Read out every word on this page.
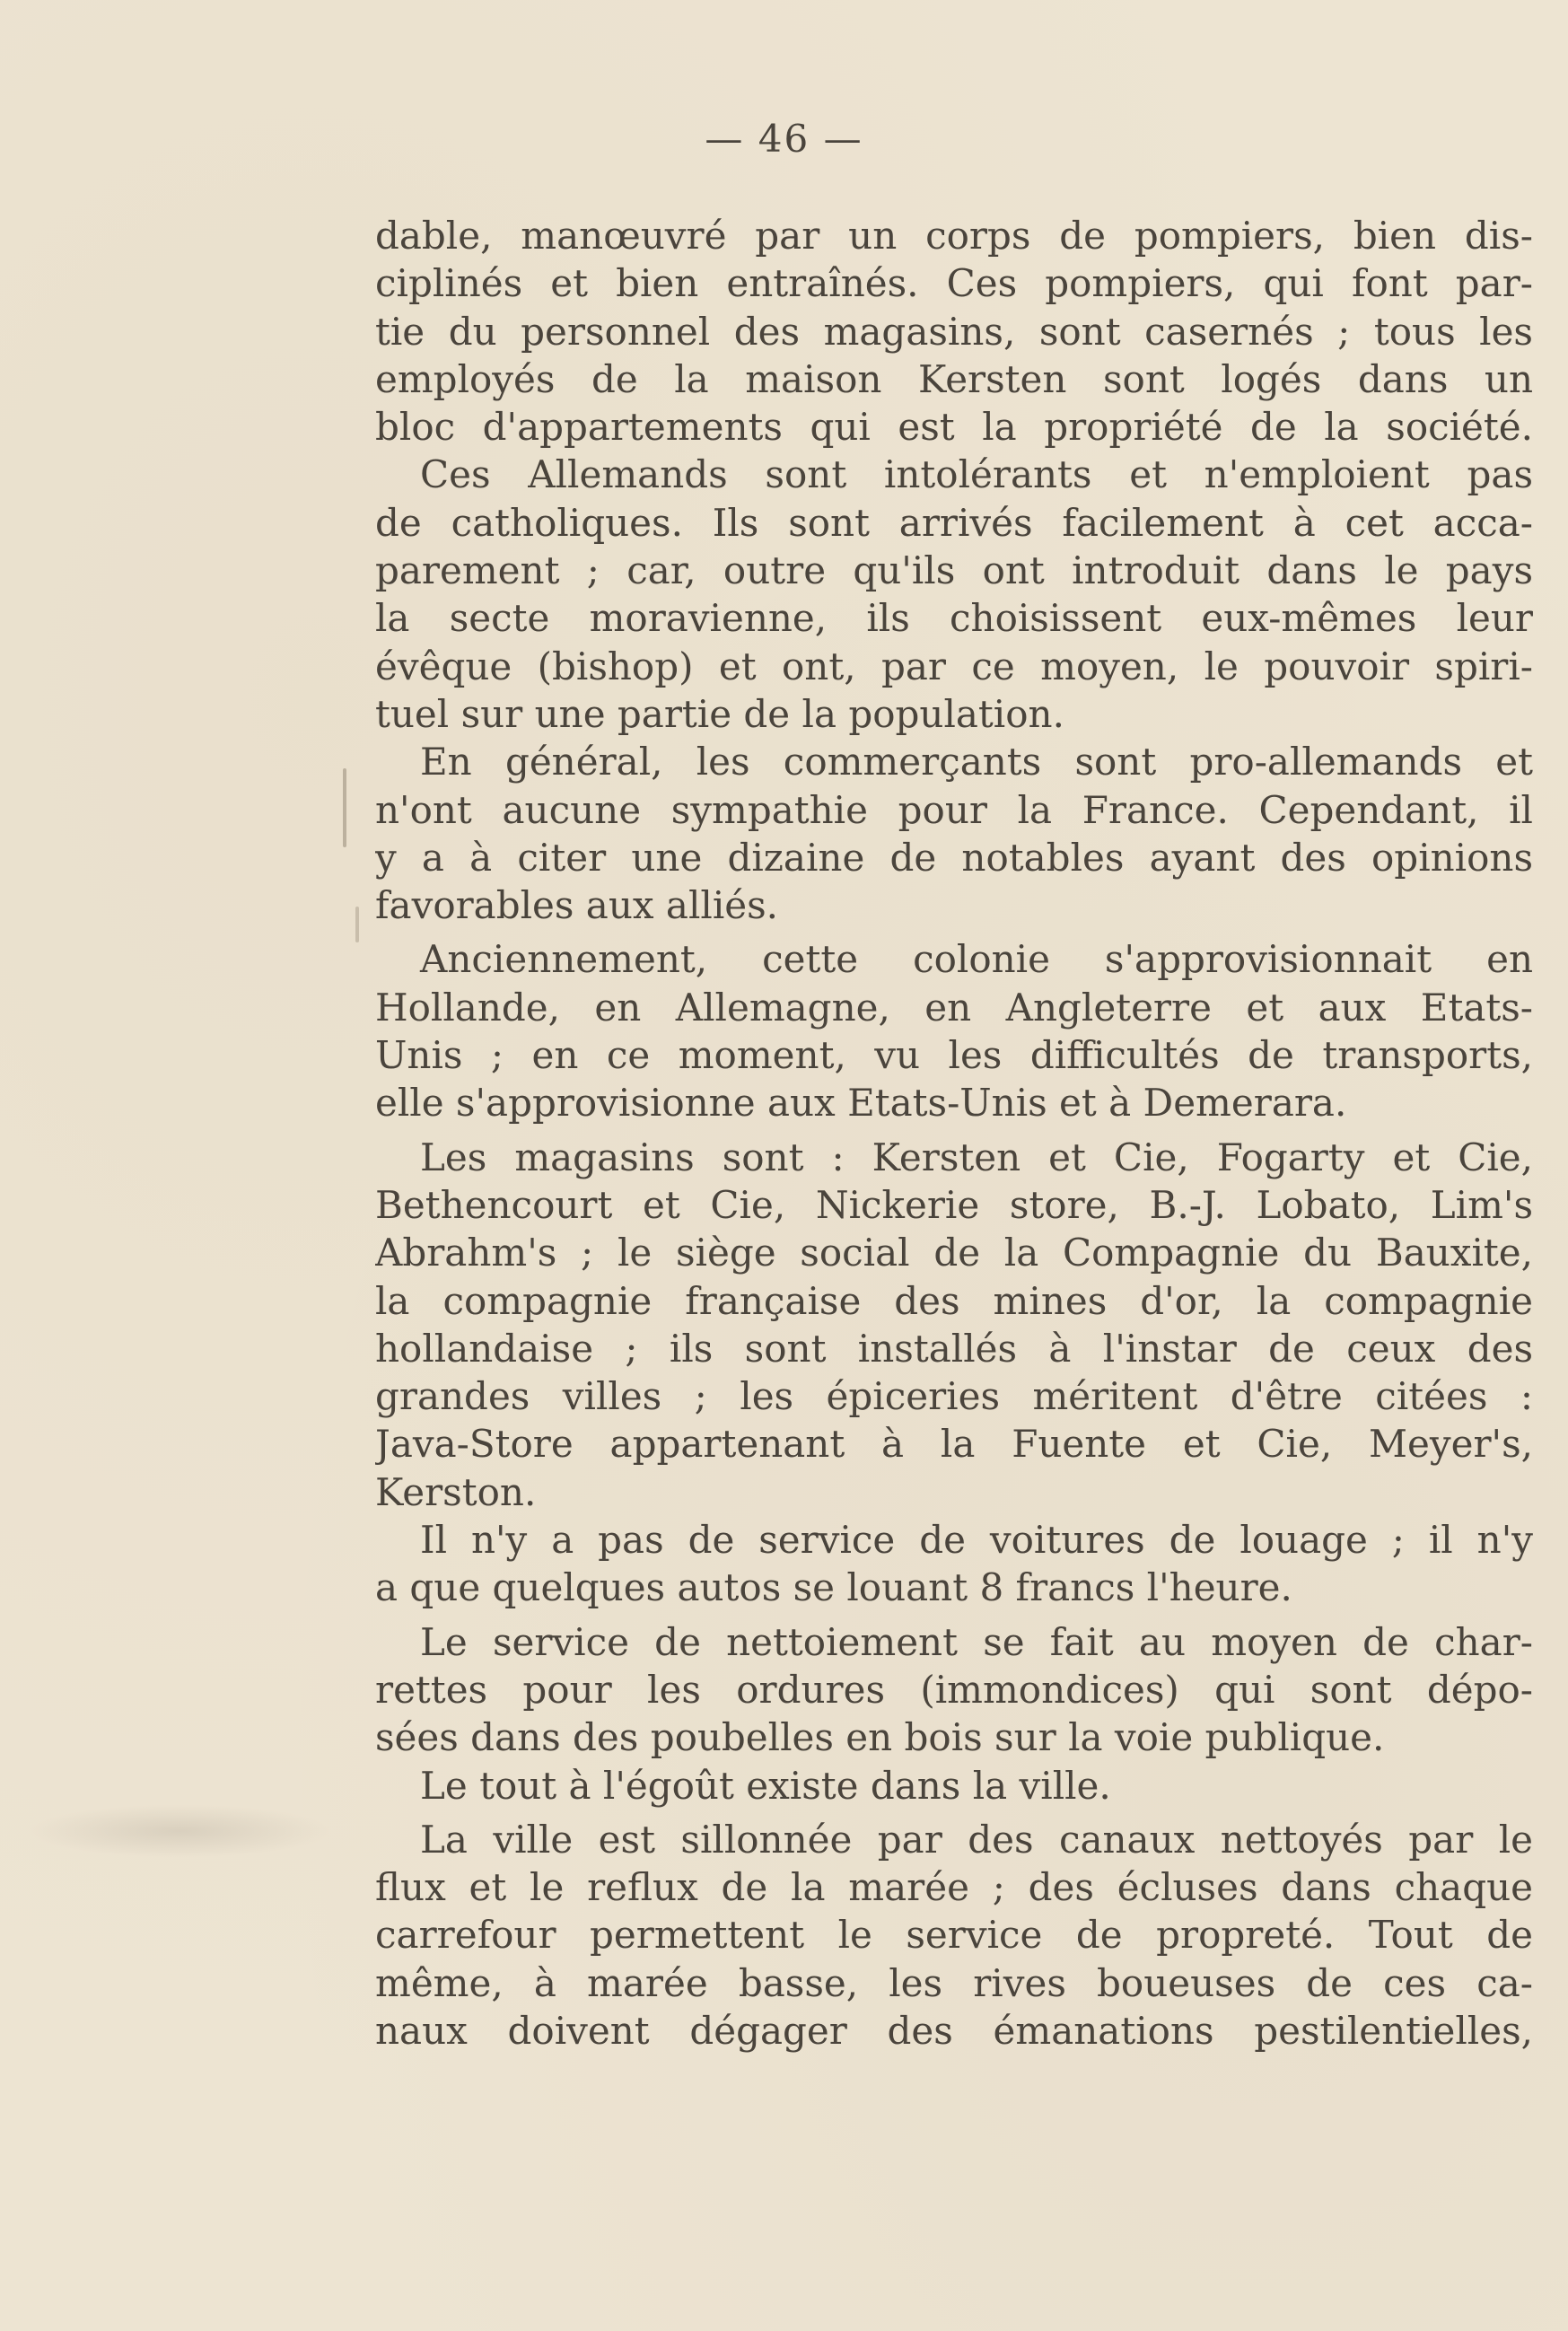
— 46 —
dable, manœuvré par un corps de pompiers, bien dis-
ciplinés et bien entraînés. Ces pompiers, qui font par-
tie du personnel des magasins, sont casernés ; tous les
employés de la maison Kersten sont logés dans un
bloc d'appartements qui est la propriété de la société.
Ces Allemands sont intolérants et n'emploient pas
de catholiques. Ils sont arrivés facilement à cet acca-
parement ; car, outre qu'ils ont introduit dans le pays
la secte moravienne, ils choisissent eux-mêmes leur
évêque (bishop) et ont, par ce moyen, le pouvoir spiri-
tuel sur une partie de la population.
En général, les commerçants sont pro-allemands et
n'ont aucune sympathie pour la France. Cependant, il
y a à citer une dizaine de notables ayant des opinions
favorables aux alliés.
Anciennement, cette colonie s'approvisionnait en
Hollande, en Allemagne, en Angleterre et aux Etats-
Unis ; en ce moment, vu les difficultés de transports,
elle s'approvisionne aux Etats-Unis et à Demerara.
Les magasins sont : Kersten et Cie, Fogarty et Cie,
Bethencourt et Cie, Nickerie store, B.-J. Lobato, Lim's
Abrahm's ; le siège social de la Compagnie du Bauxite,
la compagnie française des mines d'or, la compagnie
hollandaise ; ils sont installés à l'instar de ceux des
grandes villes ; les épiceries méritent d'être citées :
Java-Store appartenant à la Fuente et Cie, Meyer's,
Kerston.
Il n'y a pas de service de voitures de louage ; il n'y
a que quelques autos se louant 8 francs l'heure.
Le service de nettoiement se fait au moyen de char-
rettes pour les ordures (immondices) qui sont dépo-
sées dans des poubelles en bois sur la voie publique.
Le tout à l'égoût existe dans la ville.
La ville est sillonnée par des canaux nettoyés par le
flux et le reflux de la marée ; des écluses dans chaque
carrefour permettent le service de propreté. Tout de
même, à marée basse, les rives boueuses de ces ca-
naux doivent dégager des émanations pestilentielles,
